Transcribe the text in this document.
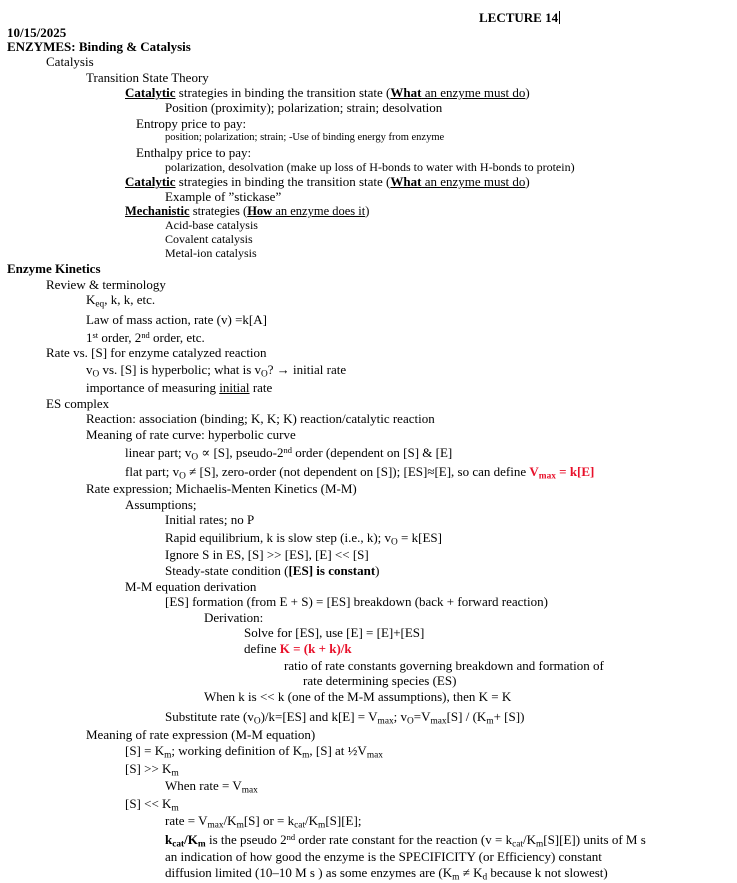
LECTURE 14
10/15/2025
ENZYMES: Binding & Catalysis
Catalysis
Transition State Theory
Catalytic strategies in binding the transition state (What an enzyme must do)
Position (proximity); polarization; strain; desolvation
Entropy price to pay:
position; polarization; strain; -Use of binding energy from enzyme
Enthalpy price to pay:
polarization, desolvation (make up loss of H-bonds to water with H-bonds to protein)
Catalytic strategies in binding the transition state (What an enzyme must do)
Example of ”stickase”
Mechanistic strategies (How an enzyme does it)
Acid-base catalysis
Covalent catalysis
Metal-ion catalysis
Enzyme Kinetics
Review & terminology
$K_{eq}$, k, k, etc.
Law of mass action, rate (v) =k[A]
1st order, 2nd order, etc.
Rate vs. [S] for enzyme catalyzed reaction
$v_O$ vs. [S] is hyperbolic; what is $v_O$? → initial rate
importance of measuring initial rate
ES complex
Reaction: association (binding; K, K; K) reaction/catalytic reaction
Meaning of rate curve: hyperbolic curve
linear part; $v_O \propto [S]$, pseudo-2nd order (dependent on [S] & [E]
flat part; $v_O \ne [S]$, zero-order (not dependent on [S]); [ES]≈[E], so can define $V_{max} = k[E]$
Rate expression; Michaelis-Menten Kinetics (M-M)
Assumptions;
Initial rates; no P
Rapid equilibrium, k is slow step (i.e., k); $v_O = k[ES]$
Ignore S in ES, [S] >> [ES], [E] << [S]
Steady-state condition ([ES] is constant)
M-M equation derivation
[ES] formation (from E + S) = [ES] breakdown (back + forward reaction)
Derivation:
Solve for [ES], use [E] = [E]+[ES]
define K = (k + k)/k
ratio of rate constants governing breakdown and formation of
rate determining species (ES)
When k is << k (one of the M-M assumptions), then K = K
Substitute rate $(v_O)/k=[ES]$ and $k[E] = V_{max}$; $v_O=V_{max}[S] / (K_m+ [S])$
Meaning of rate expression (M-M equation)
$[S] = K_m$; working definition of $K_m$, [S] at $\frac{1}{2}V_{max}$
$[S] >> K_m$
When rate = $V_{max}$
$[S] << K_m$
rate = $V_{max}/K_m[S]$ or = $k_{cat}/K_m[S][E]$;
$k_{cat}/K_m$ is the pseudo 2nd order rate constant for the reaction $(v = k_{cat}/K_m[S][E])$ units of M s
an indication of how good the enzyme is the SPECIFICITY (or Efficiency) constant
diffusion limited (10–10 M s ) as some enzymes are ($K_m \ne K_d$ because k not slowest)
